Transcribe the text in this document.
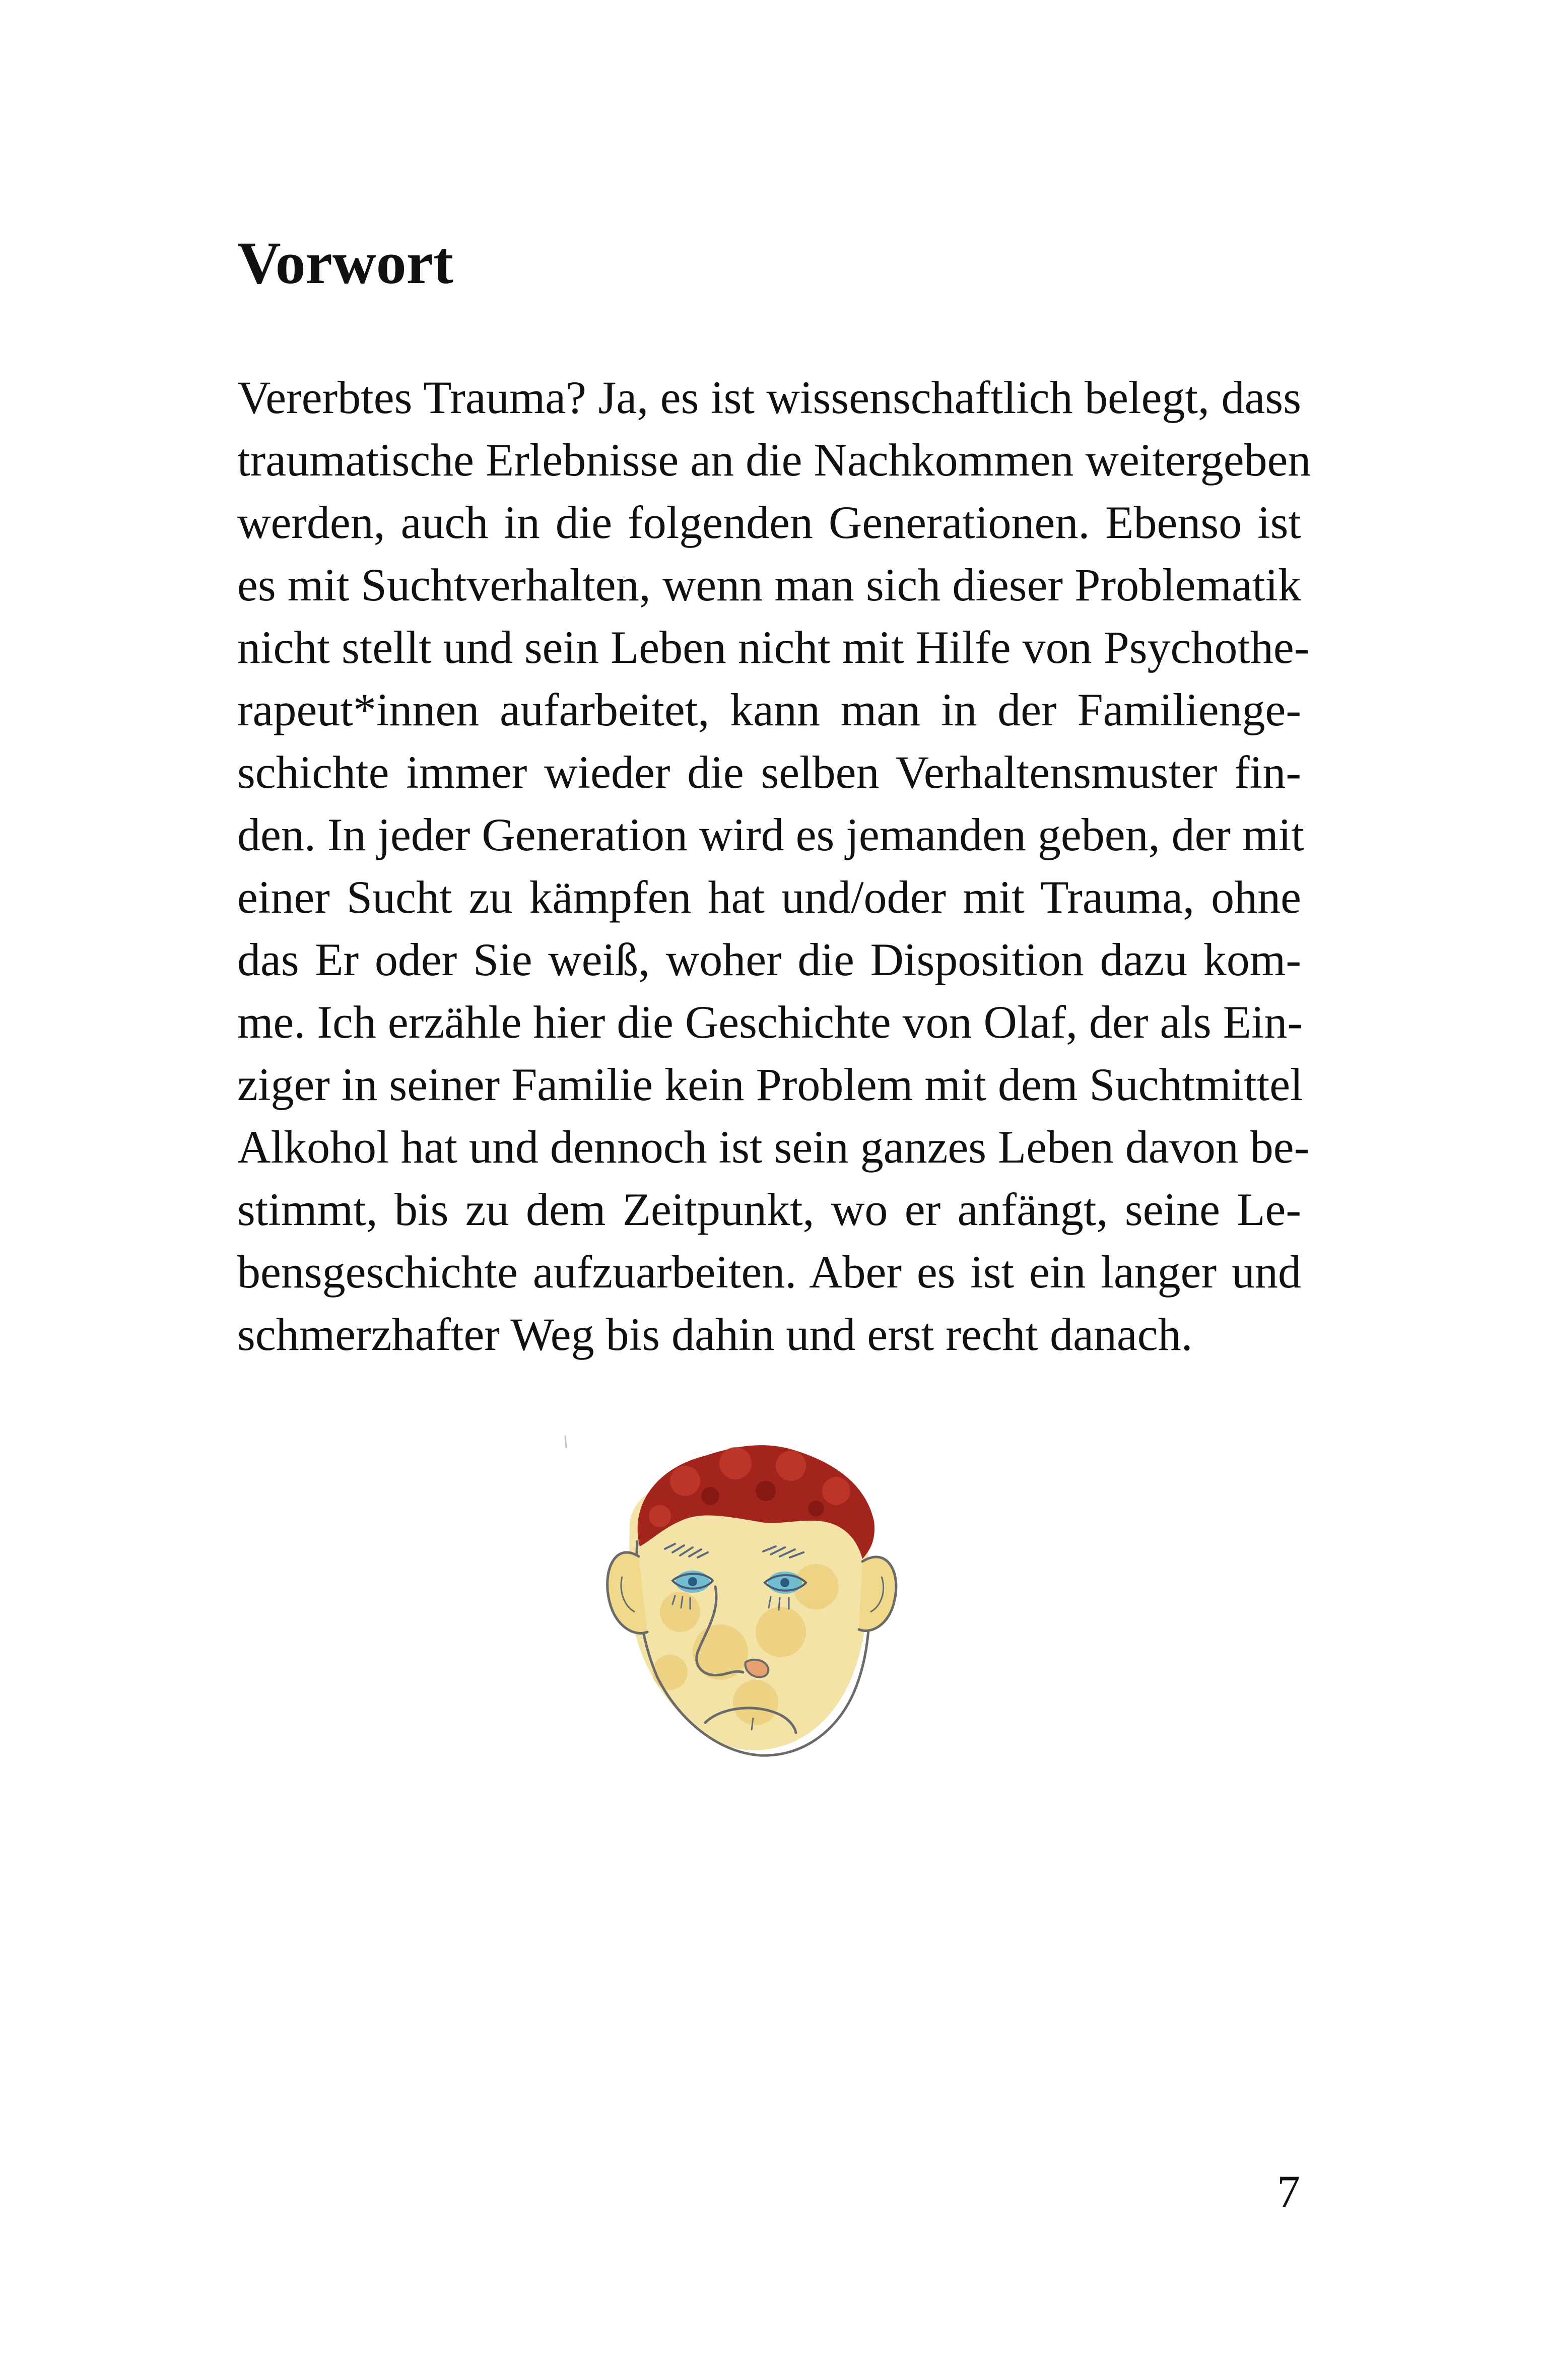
Vorwort
Vererbtes Trauma? Ja, es ist wissenschaftlich belegt, dass
traumatische Erlebnisse an die Nachkommen weitergeben
werden, auch in die folgenden Generationen. Ebenso ist
es mit Suchtverhalten, wenn man sich dieser Problematik
nicht stellt und sein Leben nicht mit Hilfe von Psychothe-
rapeut*innen aufarbeitet, kann man in der Familienge-
schichte immer wieder die selben Verhaltensmuster fin-
den. In jeder Generation wird es jemanden geben, der mit
einer Sucht zu kämpfen hat und/oder mit Trauma, ohne
das Er oder Sie weiß, woher die Disposition dazu kom-
me. Ich erzähle hier die Geschichte von Olaf, der als Ein-
ziger in seiner Familie kein Problem mit dem Suchtmittel
Alkohol hat und dennoch ist sein ganzes Leben davon be-
stimmt, bis zu dem Zeitpunkt, wo er anfängt, seine Le-
bensgeschichte aufzuarbeiten. Aber es ist ein langer und
schmerzhafter Weg bis dahin und erst recht danach.
7
